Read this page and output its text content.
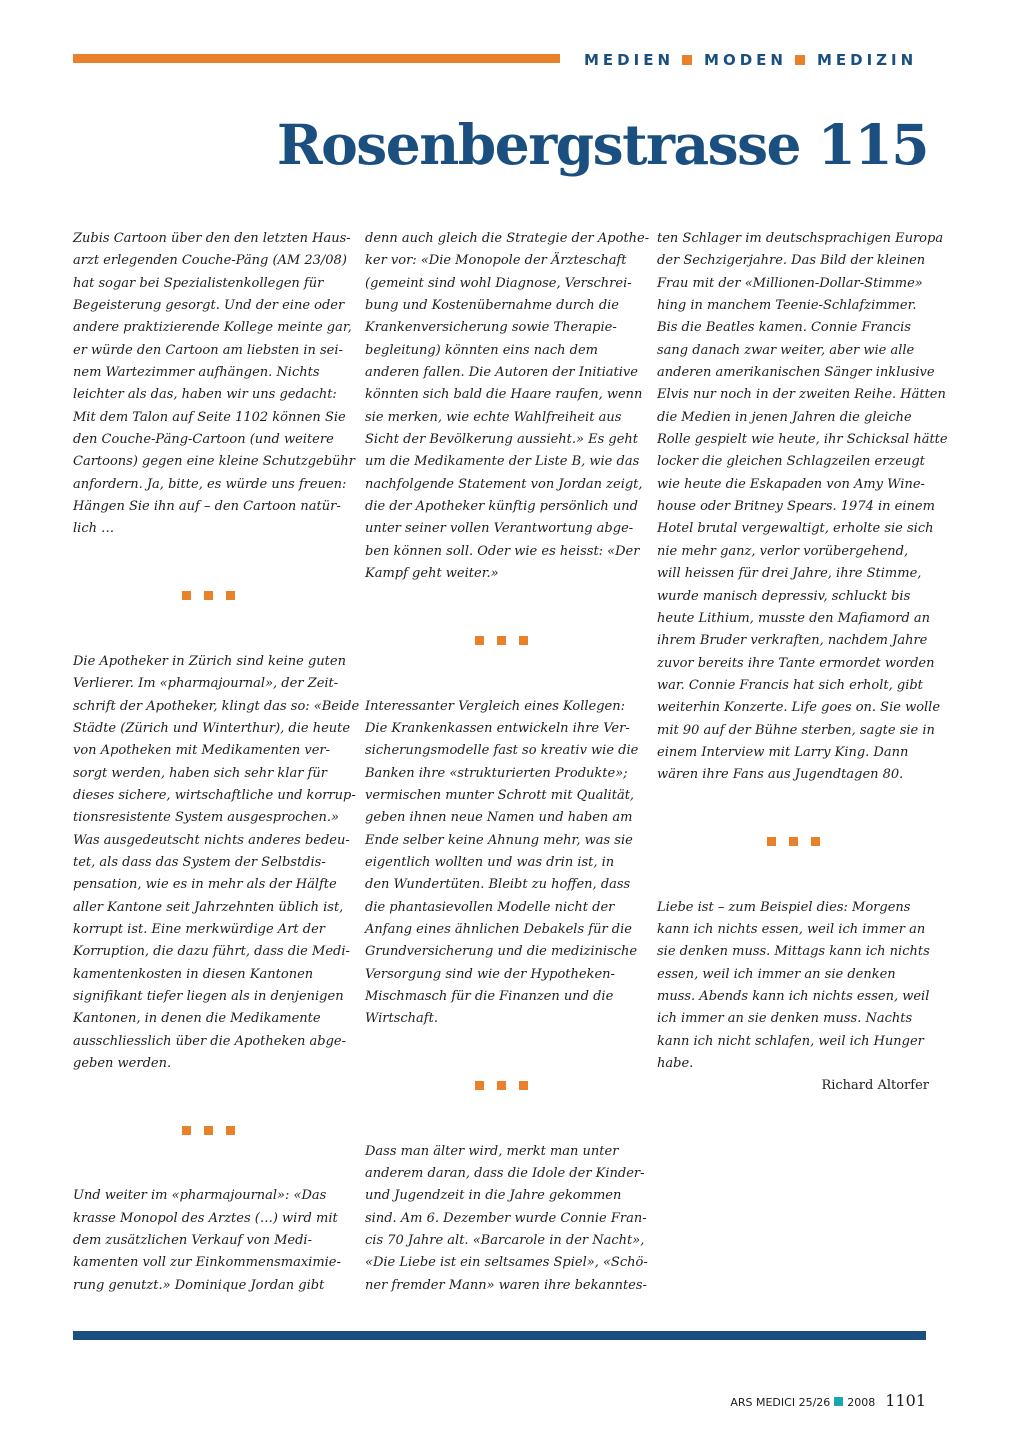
MEDIEN MODEN MEDIZIN
Rosenbergstrasse 115

Zubis Cartoon über den den letzten Haus-
arzt erlegenden Couche-Päng (AM 23/08)
hat sogar bei Spezialistenkollegen für
Begeisterung gesorgt. Und der eine oder
andere praktizierende Kollege meinte gar,
er würde den Cartoon am liebsten in sei-
nem Wartezimmer aufhängen. Nichts
leichter als das, haben wir uns gedacht:
Mit dem Talon auf Seite 1102 können Sie
den Couche-Päng-Cartoon (und weitere
Cartoons) gegen eine kleine Schutzgebühr
anfordern. Ja, bitte, es würde uns freuen:
Hängen Sie ihn auf – den Cartoon natür-
lich …

Die Apotheker in Zürich sind keine guten
Verlierer. Im «pharmajournal», der Zeit-
schrift der Apotheker, klingt das so: «Beide
Städte (Zürich und Winterthur), die heute
von Apotheken mit Medikamenten ver-
sorgt werden, haben sich sehr klar für
dieses sichere, wirtschaftliche und korrup-
tionsresistente System ausgesprochen.»
Was ausgedeutscht nichts anderes bedeu-
tet, als dass das System der Selbstdis-
pensation, wie es in mehr als der Hälfte
aller Kantone seit Jahrzehnten üblich ist,
korrupt ist. Eine merkwürdige Art der
Korruption, die dazu führt, dass die Medi-
kamentenkosten in diesen Kantonen
signifikant tiefer liegen als in denjenigen
Kantonen, in denen die Medikamente
ausschliesslich über die Apotheken abge-
geben werden.

Und weiter im «pharmajournal»: «Das
krasse Monopol des Arztes (…) wird mit
dem zusätzlichen Verkauf von Medi-
kamenten voll zur Einkommensmaximie-
rung genutzt.» Dominique Jordan gibt

denn auch gleich die Strategie der Apothe-
ker vor: «Die Monopole der Ärzteschaft
(gemeint sind wohl Diagnose, Verschrei-
bung und Kostenübernahme durch die
Krankenversicherung sowie Therapie-
begleitung) könnten eins nach dem
anderen fallen. Die Autoren der Initiative
könnten sich bald die Haare raufen, wenn
sie merken, wie echte Wahlfreiheit aus
Sicht der Bevölkerung aussieht.» Es geht
um die Medikamente der Liste B, wie das
nachfolgende Statement von Jordan zeigt,
die der Apotheker künftig persönlich und
unter seiner vollen Verantwortung abge-
ben können soll. Oder wie es heisst: «Der
Kampf geht weiter.»

Interessanter Vergleich eines Kollegen:
Die Krankenkassen entwickeln ihre Ver-
sicherungsmodelle fast so kreativ wie die
Banken ihre «strukturierten Produkte»;
vermischen munter Schrott mit Qualität,
geben ihnen neue Namen und haben am
Ende selber keine Ahnung mehr, was sie
eigentlich wollten und was drin ist, in
den Wundertüten. Bleibt zu hoffen, dass
die phantasievollen Modelle nicht der
Anfang eines ähnlichen Debakels für die
Grundversicherung und die medizinische
Versorgung sind wie der Hypotheken-
Mischmasch für die Finanzen und die
Wirtschaft.

Dass man älter wird, merkt man unter
anderem daran, dass die Idole der Kinder-
und Jugendzeit in die Jahre gekommen
sind. Am 6. Dezember wurde Connie Fran-
cis 70 Jahre alt. «Barcarole in der Nacht»,
«Die Liebe ist ein seltsames Spiel», «Schö-
ner fremder Mann» waren ihre bekanntes-

ten Schlager im deutschsprachigen Europa
der Sechzigerjahre. Das Bild der kleinen
Frau mit der «Millionen-Dollar-Stimme»
hing in manchem Teenie-Schlafzimmer.
Bis die Beatles kamen. Connie Francis
sang danach zwar weiter, aber wie alle
anderen amerikanischen Sänger inklusive
Elvis nur noch in der zweiten Reihe. Hätten
die Medien in jenen Jahren die gleiche
Rolle gespielt wie heute, ihr Schicksal hätte
locker die gleichen Schlagzeilen erzeugt
wie heute die Eskapaden von Amy Wine-
house oder Britney Spears. 1974 in einem
Hotel brutal vergewaltigt, erholte sie sich
nie mehr ganz, verlor vorübergehend,
will heissen für drei Jahre, ihre Stimme,
wurde manisch depressiv, schluckt bis
heute Lithium, musste den Mafiamord an
ihrem Bruder verkraften, nachdem Jahre
zuvor bereits ihre Tante ermordet worden
war. Connie Francis hat sich erholt, gibt
weiterhin Konzerte. Life goes on. Sie wolle
mit 90 auf der Bühne sterben, sagte sie in
einem Interview mit Larry King. Dann
wären ihre Fans aus Jugendtagen 80.

Liebe ist – zum Beispiel dies: Morgens
kann ich nichts essen, weil ich immer an
sie denken muss. Mittags kann ich nichts
essen, weil ich immer an sie denken
muss. Abends kann ich nichts essen, weil
ich immer an sie denken muss. Nachts
kann ich nicht schlafen, weil ich Hunger
habe.

Richard Altorfer
ARS MEDICI 25/26 2008 1101
